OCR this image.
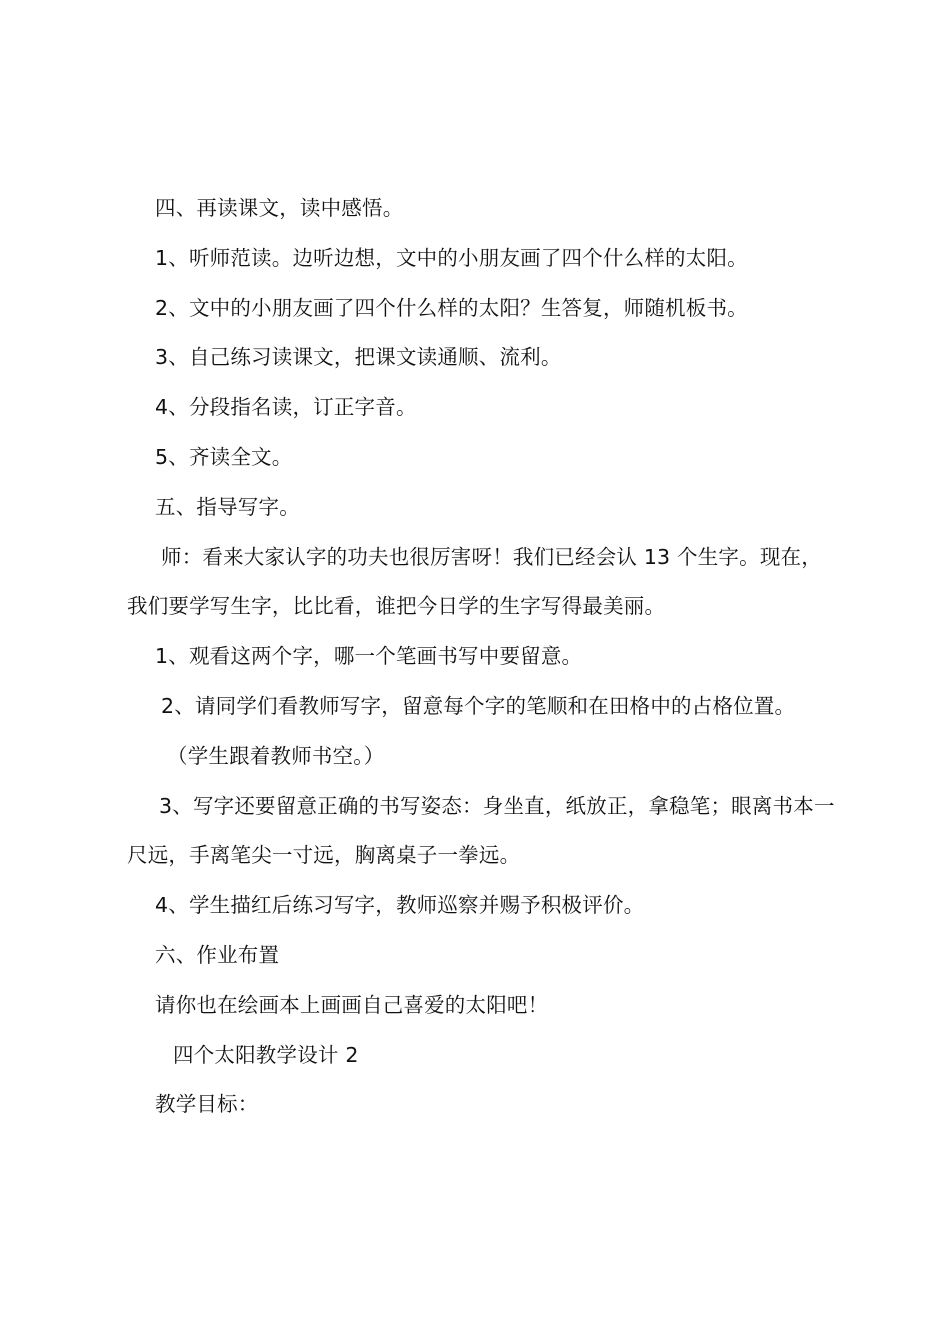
四、再读课文，读中感悟。

1、听师范读。边听边想，文中的小朋友画了四个什么样的太阳。

2、文中的小朋友画了四个什么样的太阳？生答复，师随机板书。

3、自己练习读课文，把课文读通顺、流利。

4、分段指名读，订正字音。

5、齐读全文。

五、指导写字。

师：看来大家认字的功夫也很厉害呀！我们已经会认 13 个生字。现在，我们要学写生字，比比看，谁把今日学的生字写得最美丽。

1、观看这两个字，哪一个笔画书写中要留意。

2、请同学们看教师写字，留意每个字的笔顺和在田格中的占格位置。

（学生跟着教师书空。）

3、写字还要留意正确的书写姿态：身坐直，纸放正，拿稳笔；眼离书本一尺远，手离笔尖一寸远，胸离桌子一拳远。

4、学生描红后练习写字，教师巡察并赐予积极评价。

六、作业布置

请你也在绘画本上画画自己喜爱的太阳吧！

四个太阳教学设计 2

教学目标：
